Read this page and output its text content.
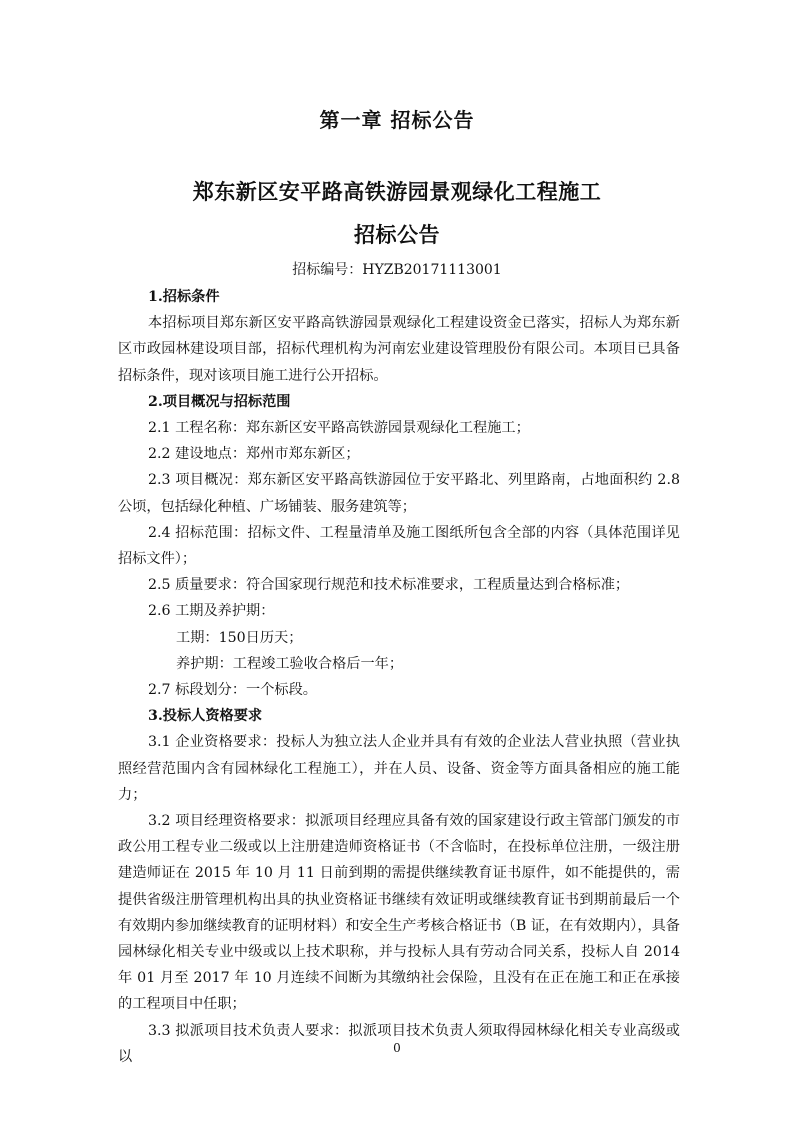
第一章 招标公告
郑东新区安平路高铁游园景观绿化工程施工
招标公告
招标编号：HYZB20171113001

1.招标条件

本招标项目郑东新区安平路高铁游园景观绿化工程建设资金已落实，招标人为郑东新区市政园林建设项目部，招标代理机构为河南宏业建设管理股份有限公司。本项目已具备招标条件，现对该项目施工进行公开招标。

2.项目概况与招标范围

2.1 工程名称：郑东新区安平路高铁游园景观绿化工程施工；

2.2 建设地点：郑州市郑东新区；

2.3 项目概况：郑东新区安平路高铁游园位于安平路北、列里路南，占地面积约 2.8 公顷，包括绿化种植、广场铺装、服务建筑等；

2.4 招标范围：招标文件、工程量清单及施工图纸所包含全部的内容（具体范围详见招标文件）；

2.5 质量要求：符合国家现行规范和技术标准要求，工程质量达到合格标准；

2.6 工期及养护期：

工期：150日历天；

养护期：工程竣工验收合格后一年；

2.7 标段划分：一个标段。

3.投标人资格要求

3.1 企业资格要求：投标人为独立法人企业并具有有效的企业法人营业执照（营业执照经营范围内含有园林绿化工程施工），并在人员、设备、资金等方面具备相应的施工能力；

3.2 项目经理资格要求：拟派项目经理应具备有效的国家建设行政主管部门颁发的市政公用工程专业二级或以上注册建造师资格证书（不含临时，在投标单位注册，一级注册建造师证在 2015 年 10 月 11 日前到期的需提供继续教育证书原件，如不能提供的，需提供省级注册管理机构出具的执业资格证书继续有效证明或继续教育证书到期前最后一个有效期内参加继续教育的证明材料）和安全生产考核合格证书（B 证，在有效期内），具备园林绿化相关专业中级或以上技术职称，并与投标人具有劳动合同关系，投标人自 2014 年 01 月至 2017 年 10 月连续不间断为其缴纳社会保险，且没有在正在施工和正在承接的工程项目中任职；

3.3 拟派项目技术负责人要求：拟派项目技术负责人须取得园林绿化相关专业高级或以

0
